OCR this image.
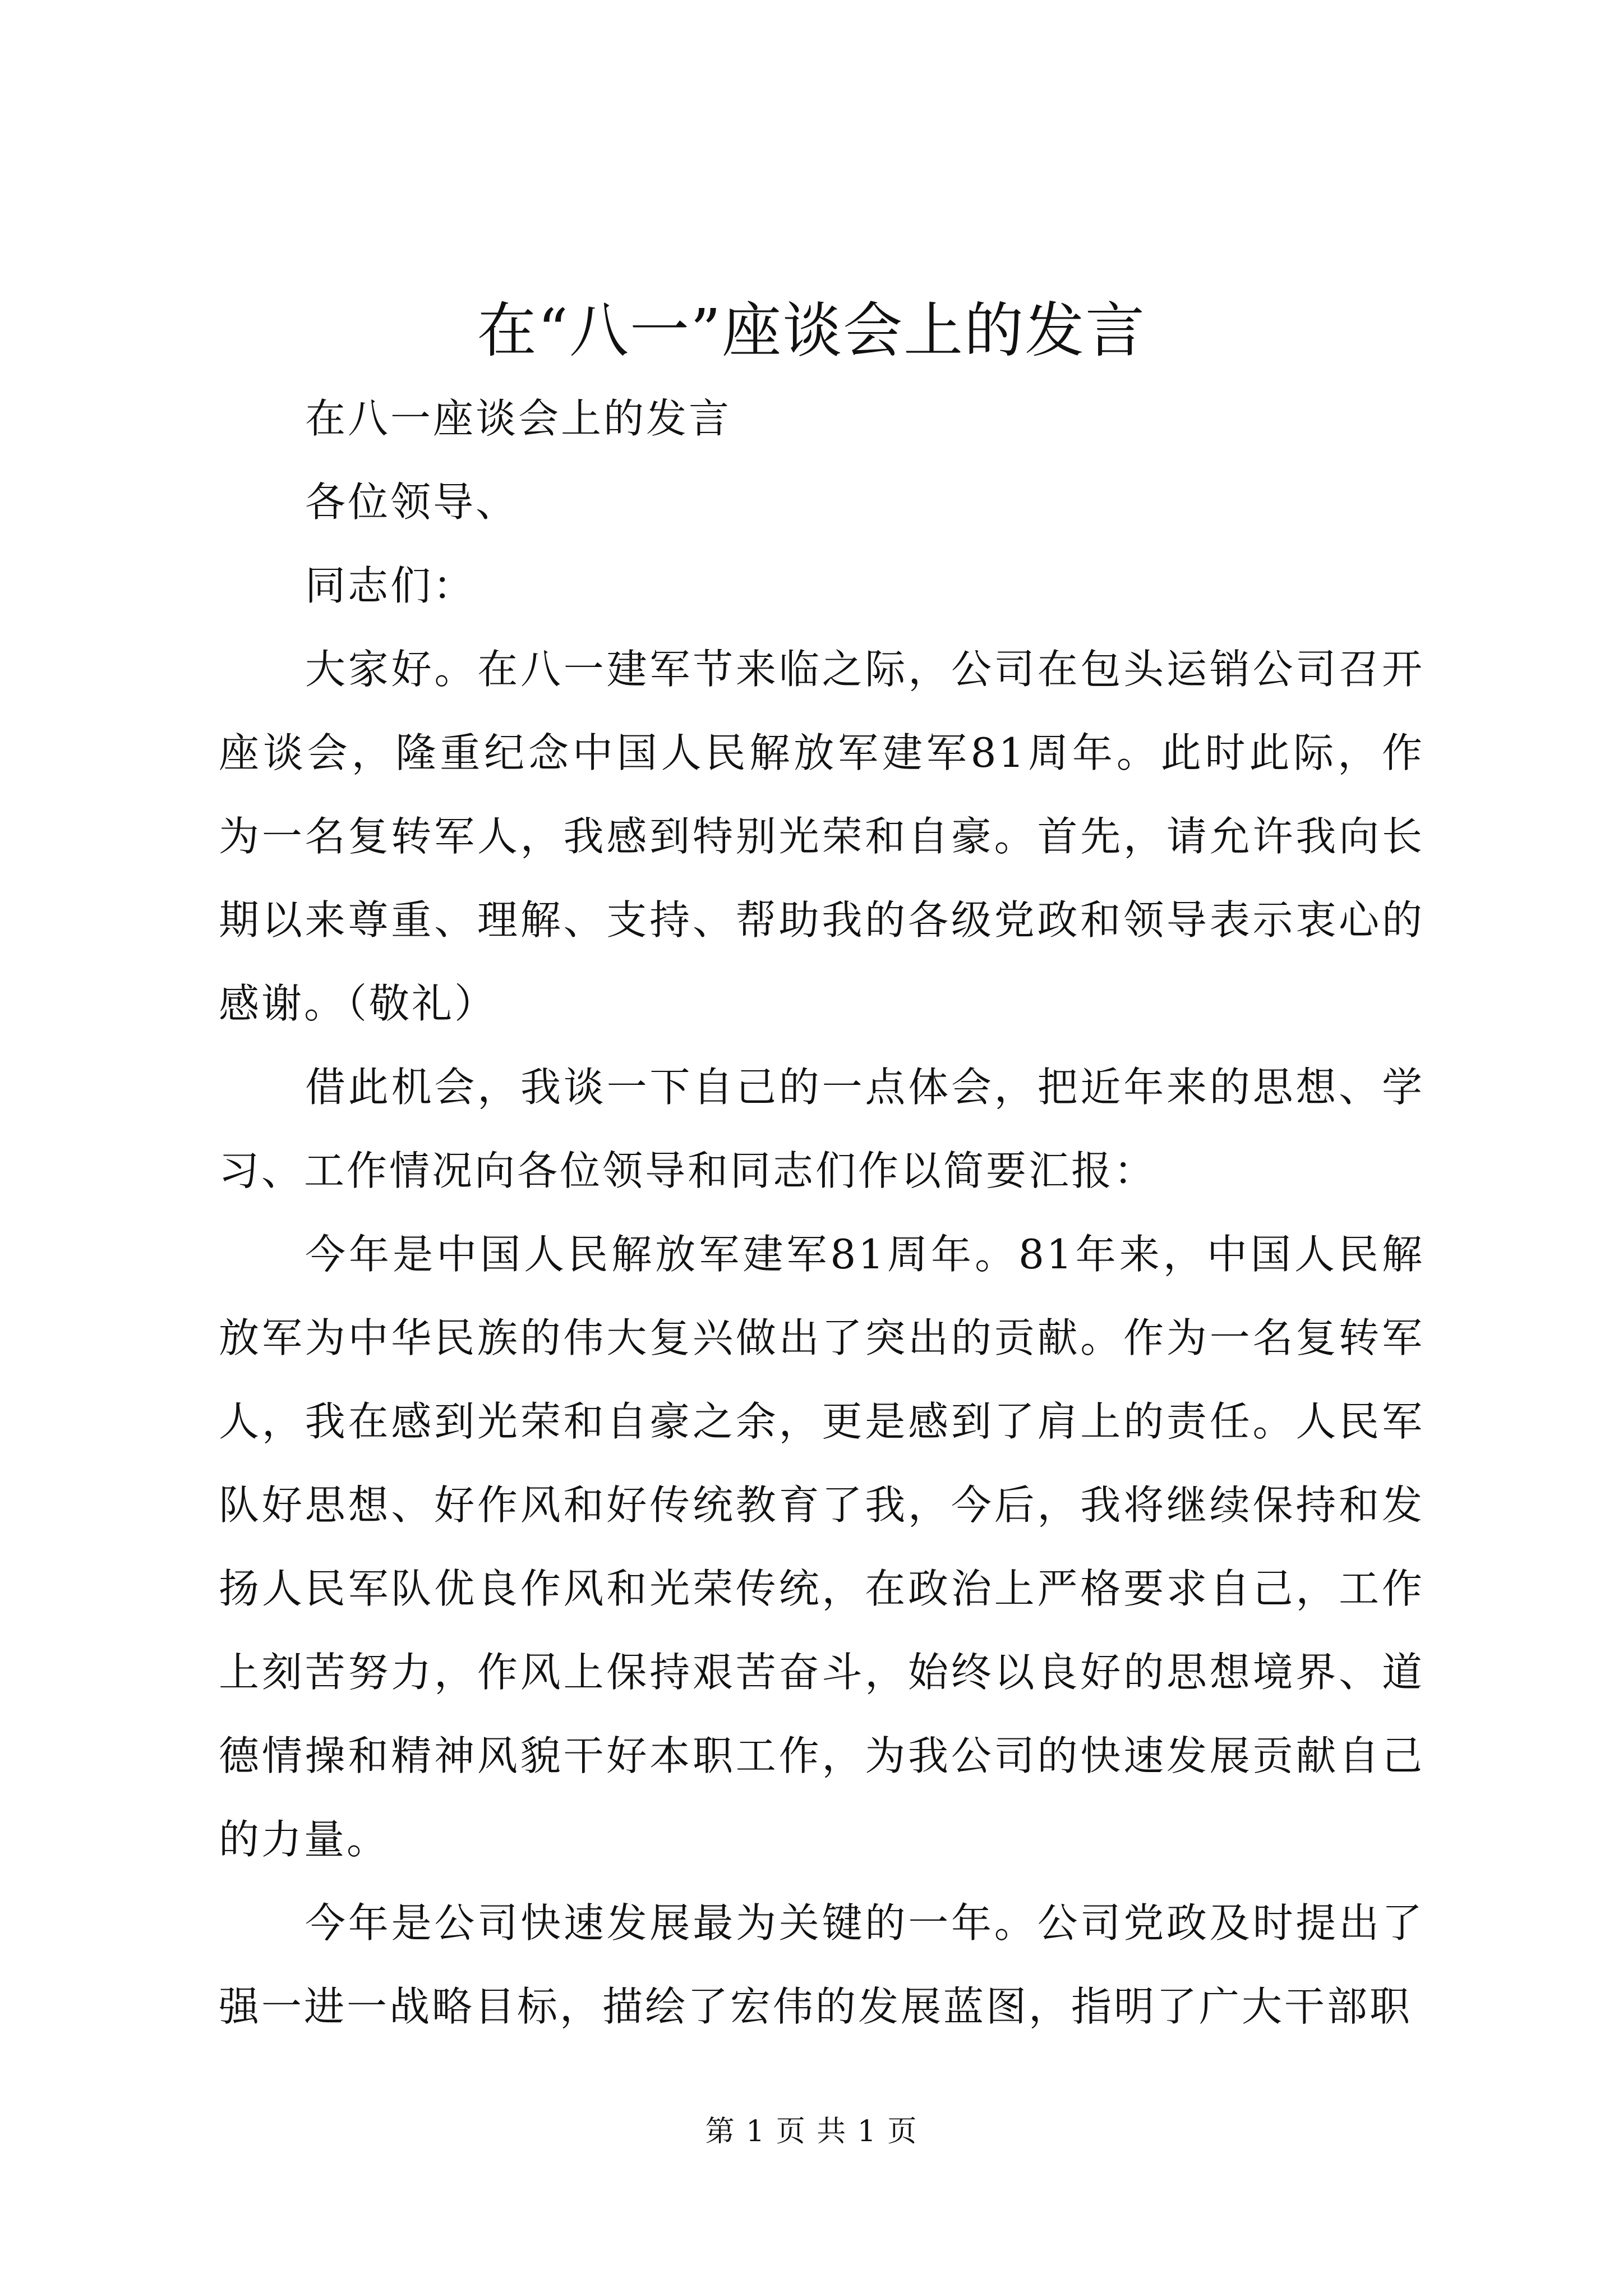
在“八一”座谈会上的发言

在八一座谈会上的发言

各位领导、

同志们：

大家好。在八一建军节来临之际，公司在包头运销公司召开座谈会，隆重纪念中国人民解放军建军81周年。此时此际，作为一名复转军人，我感到特别光荣和自豪。首先，请允许我向长期以来尊重、理解、支持、帮助我的各级党政和领导表示衷心的感谢。（敬礼）

借此机会，我谈一下自己的一点体会，把近年来的思想、学习、工作情况向各位领导和同志们作以简要汇报：

今年是中国人民解放军建军81周年。81年来，中国人民解放军为中华民族的伟大复兴做出了突出的贡献。作为一名复转军人，我在感到光荣和自豪之余，更是感到了肩上的责任。人民军队好思想、好作风和好传统教育了我，今后，我将继续保持和发扬人民军队优良作风和光荣传统，在政治上严格要求自己，工作上刻苦努力，作风上保持艰苦奋斗，始终以良好的思想境界、道德情操和精神风貌干好本职工作，为我公司的快速发展贡献自己的力量。

今年是公司快速发展最为关键的一年。公司党政及时提出了强一进一战略目标，描绘了宏伟的发展蓝图，指明了广大干部职

第 1 页 共 1 页
